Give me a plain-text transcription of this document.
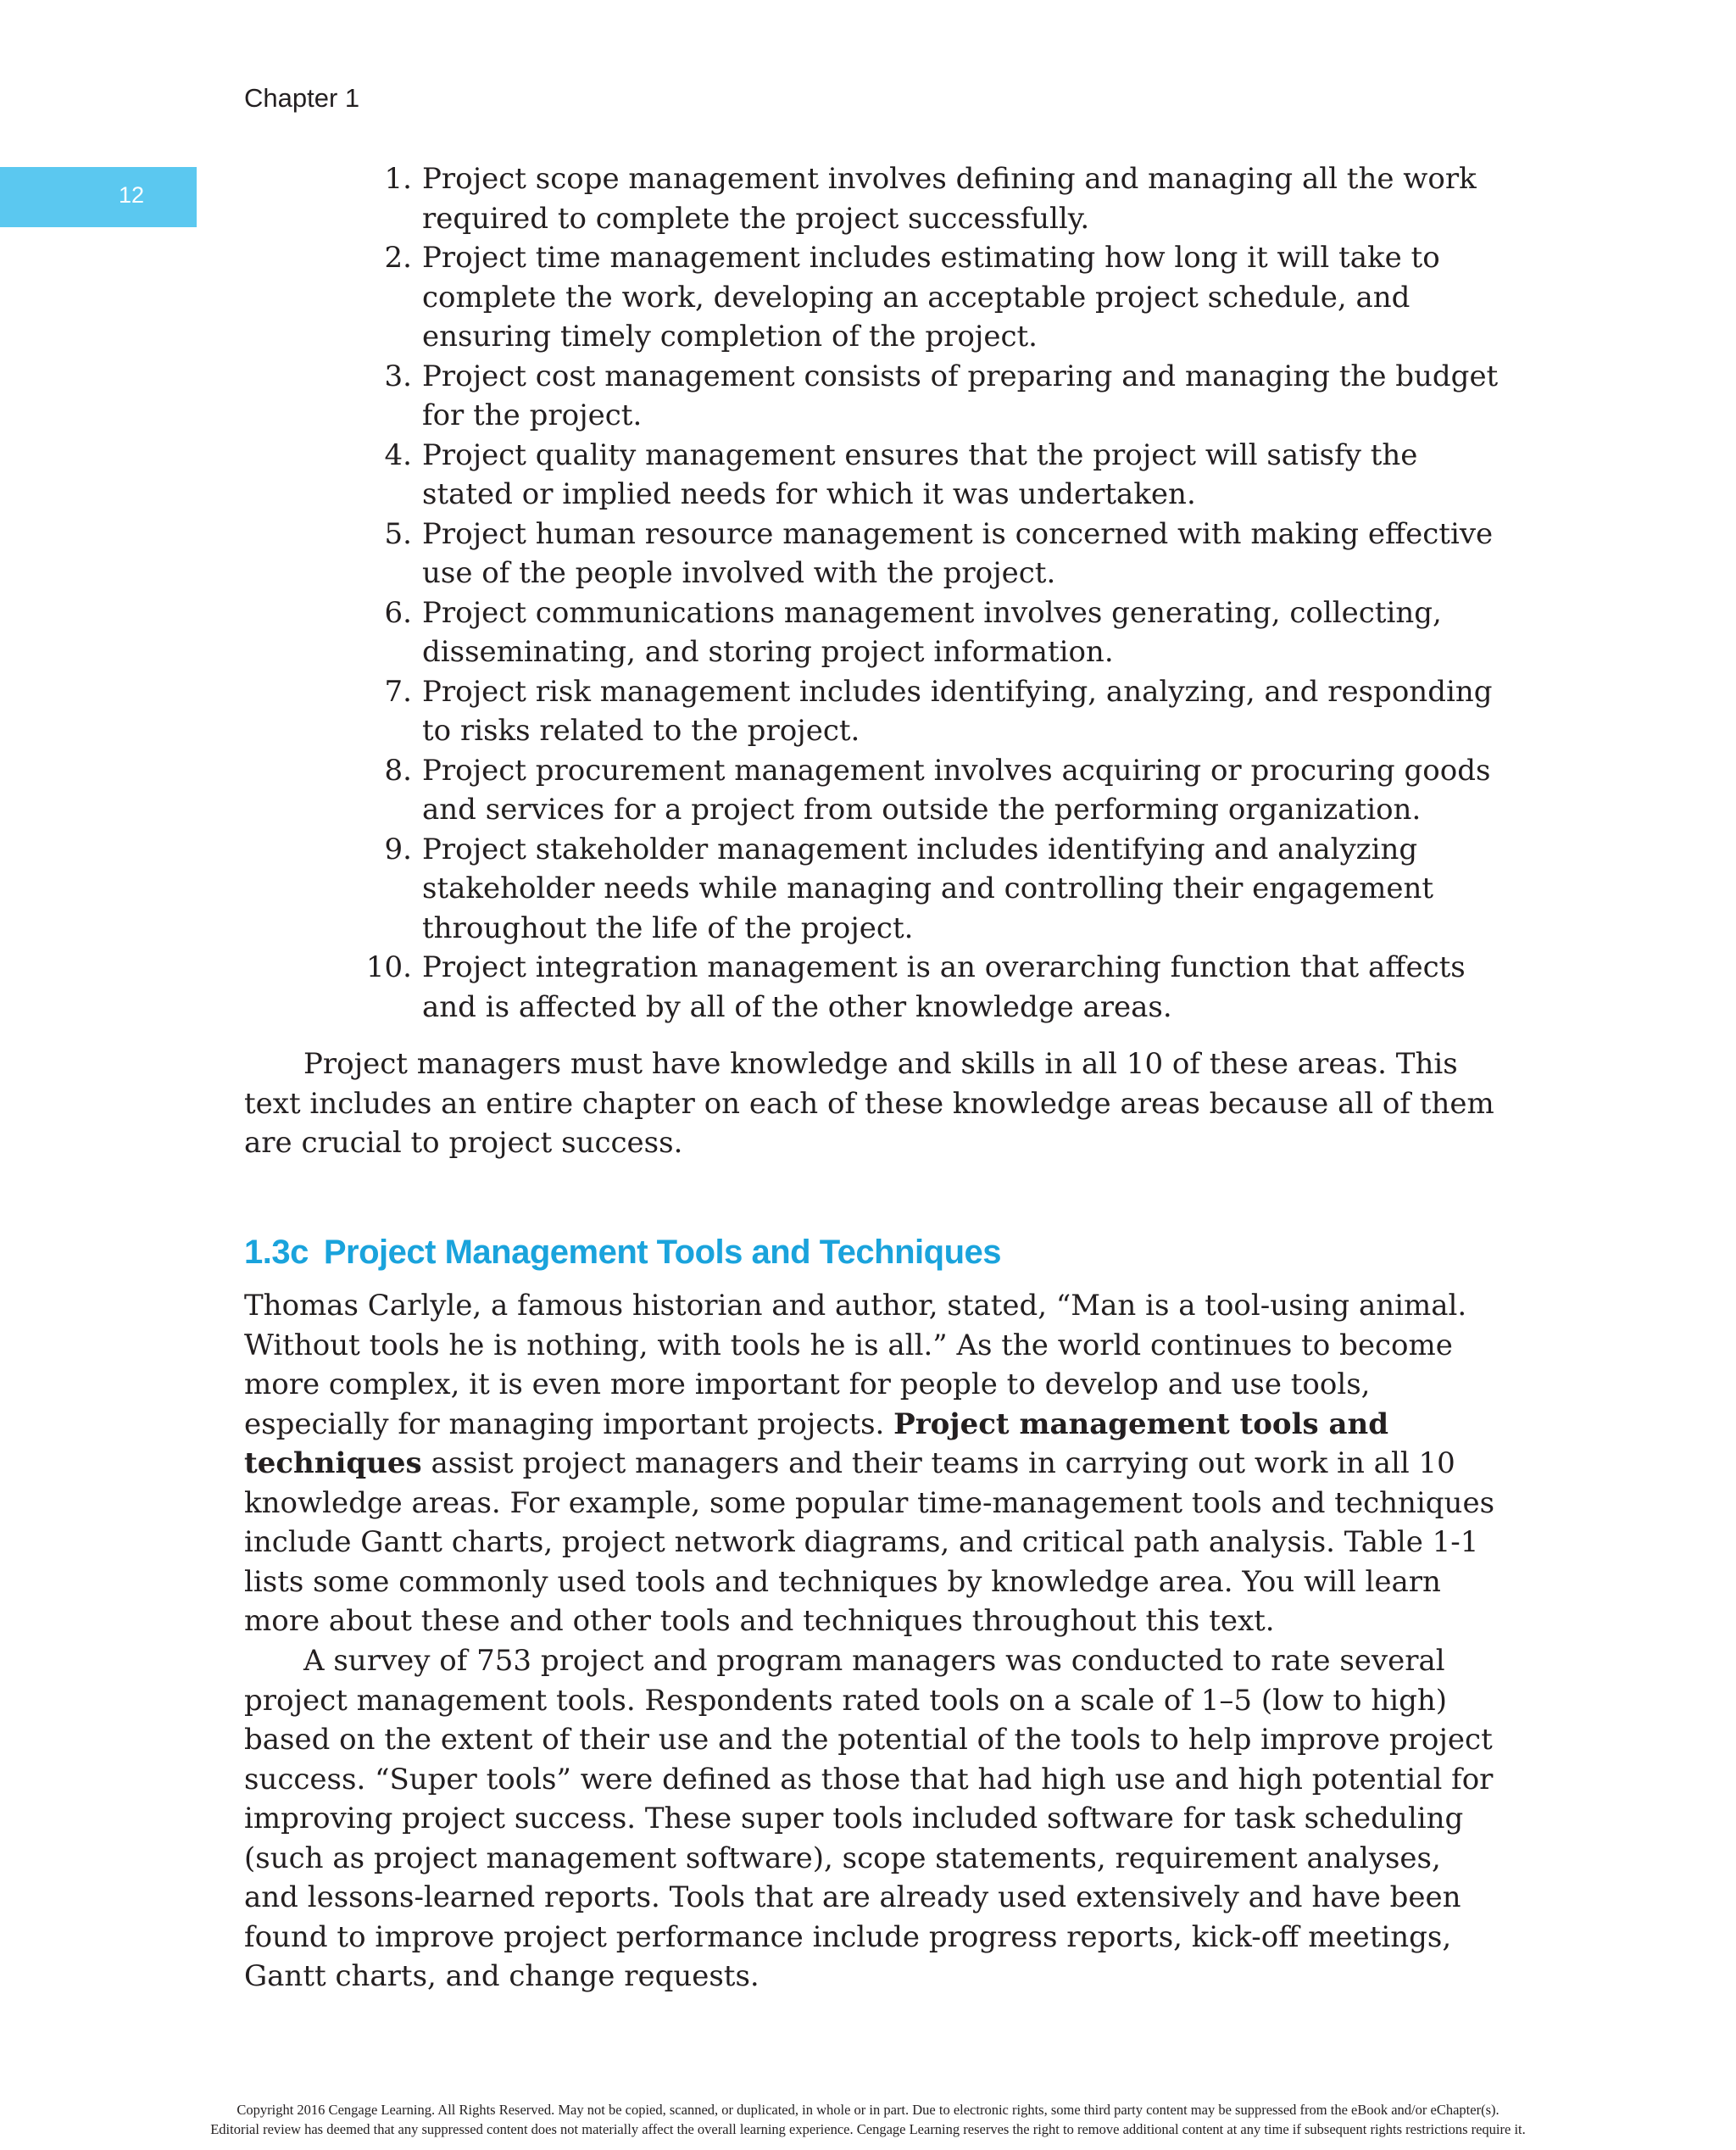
Chapter 1
12	1. Project scope management involves defining and managing all the work required to complete the project successfully.
2. Project time management includes estimating how long it will take to complete the work, developing an acceptable project schedule, and ensuring timely completion of the project.
3. Project cost management consists of preparing and managing the budget for the project.
4. Project quality management ensures that the project will satisfy the stated or implied needs for which it was undertaken.
5. Project human resource management is concerned with making effective use of the people involved with the project.
6. Project communications management involves generating, collecting, disseminating, and storing project information.
7. Project risk management includes identifying, analyzing, and responding to risks related to the project.
8. Project procurement management involves acquiring or procuring goods and services for a project from outside the performing organization.
9. Project stakeholder management includes identifying and analyzing stakeholder needs while managing and controlling their engagement throughout the life of the project.
10. Project integration management is an overarching function that affects and is affected by all of the other knowledge areas.

Project managers must have knowledge and skills in all 10 of these areas. This text includes an entire chapter on each of these knowledge areas because all of them are crucial to project success.

1.3c Project Management Tools and Techniques

Thomas Carlyle, a famous historian and author, stated, “Man is a tool-using animal. Without tools he is nothing, with tools he is all.” As the world continues to become more complex, it is even more important for people to develop and use tools, especially for managing important projects. Project management tools and techniques assist project managers and their teams in carrying out work in all 10 knowledge areas. For example, some popular time-management tools and techniques include Gantt charts, project network diagrams, and critical path analysis. Table 1-1 lists some commonly used tools and techniques by knowledge area. You will learn more about these and other tools and techniques throughout this text.

A survey of 753 project and program managers was conducted to rate several project management tools. Respondents rated tools on a scale of 1–5 (low to high) based on the extent of their use and the potential of the tools to help improve project success. “Super tools” were defined as those that had high use and high potential for improving project success. These super tools included software for task scheduling (such as project management software), scope statements, requirement analyses, and lessons-learned reports. Tools that are already used extensively and have been found to improve project performance include progress reports, kick-off meetings, Gantt charts, and change requests.

Copyright 2016 Cengage Learning. All Rights Reserved. May not be copied, scanned, or duplicated, in whole or in part. Due to electronic rights, some third party content may be suppressed from the eBook and/or eChapter(s).
Editorial review has deemed that any suppressed content does not materially affect the overall learning experience. Cengage Learning reserves the right to remove additional content at any time if subsequent rights restrictions require it.
